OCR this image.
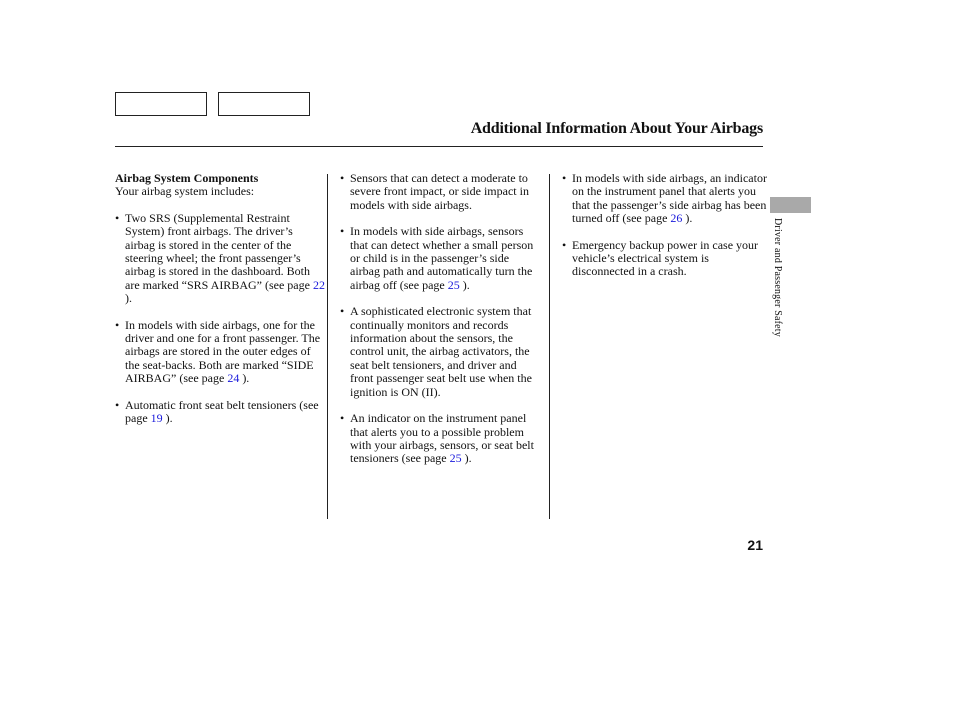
Additional Information About Your Airbags
Airbag System Components
Your airbag system includes:
• Two SRS (Supplemental Restraint System) front airbags. The driver’s airbag is stored in the center of the steering wheel; the front passenger’s airbag is stored in the dashboard. Both are marked “SRS AIRBAG” (see page 22 ).
• In models with side airbags, one for the driver and one for a front passenger. The airbags are stored in the outer edges of the seat-backs. Both are marked “SIDE AIRBAG” (see page 24 ).
• Automatic front seat belt tensioners (see page 19 ).
• Sensors that can detect a moderate to severe front impact, or side impact in models with side airbags.
• In models with side airbags, sensors that can detect whether a small person or child is in the passenger’s side airbag path and automatically turn the airbag off (see page 25 ).
• A sophisticated electronic system that continually monitors and records information about the sensors, the control unit, the airbag activators, the seat belt tensioners, and driver and front passenger seat belt use when the ignition is ON (II).
• An indicator on the instrument panel that alerts you to a possible problem with your airbags, sensors, or seat belt tensioners (see page 25 ).
• In models with side airbags, an indicator on the instrument panel that alerts you that the passenger’s side airbag has been turned off (see page 26 ).
• Emergency backup power in case your vehicle’s electrical system is disconnected in a crash.	Driver and Passenger Safety
21
